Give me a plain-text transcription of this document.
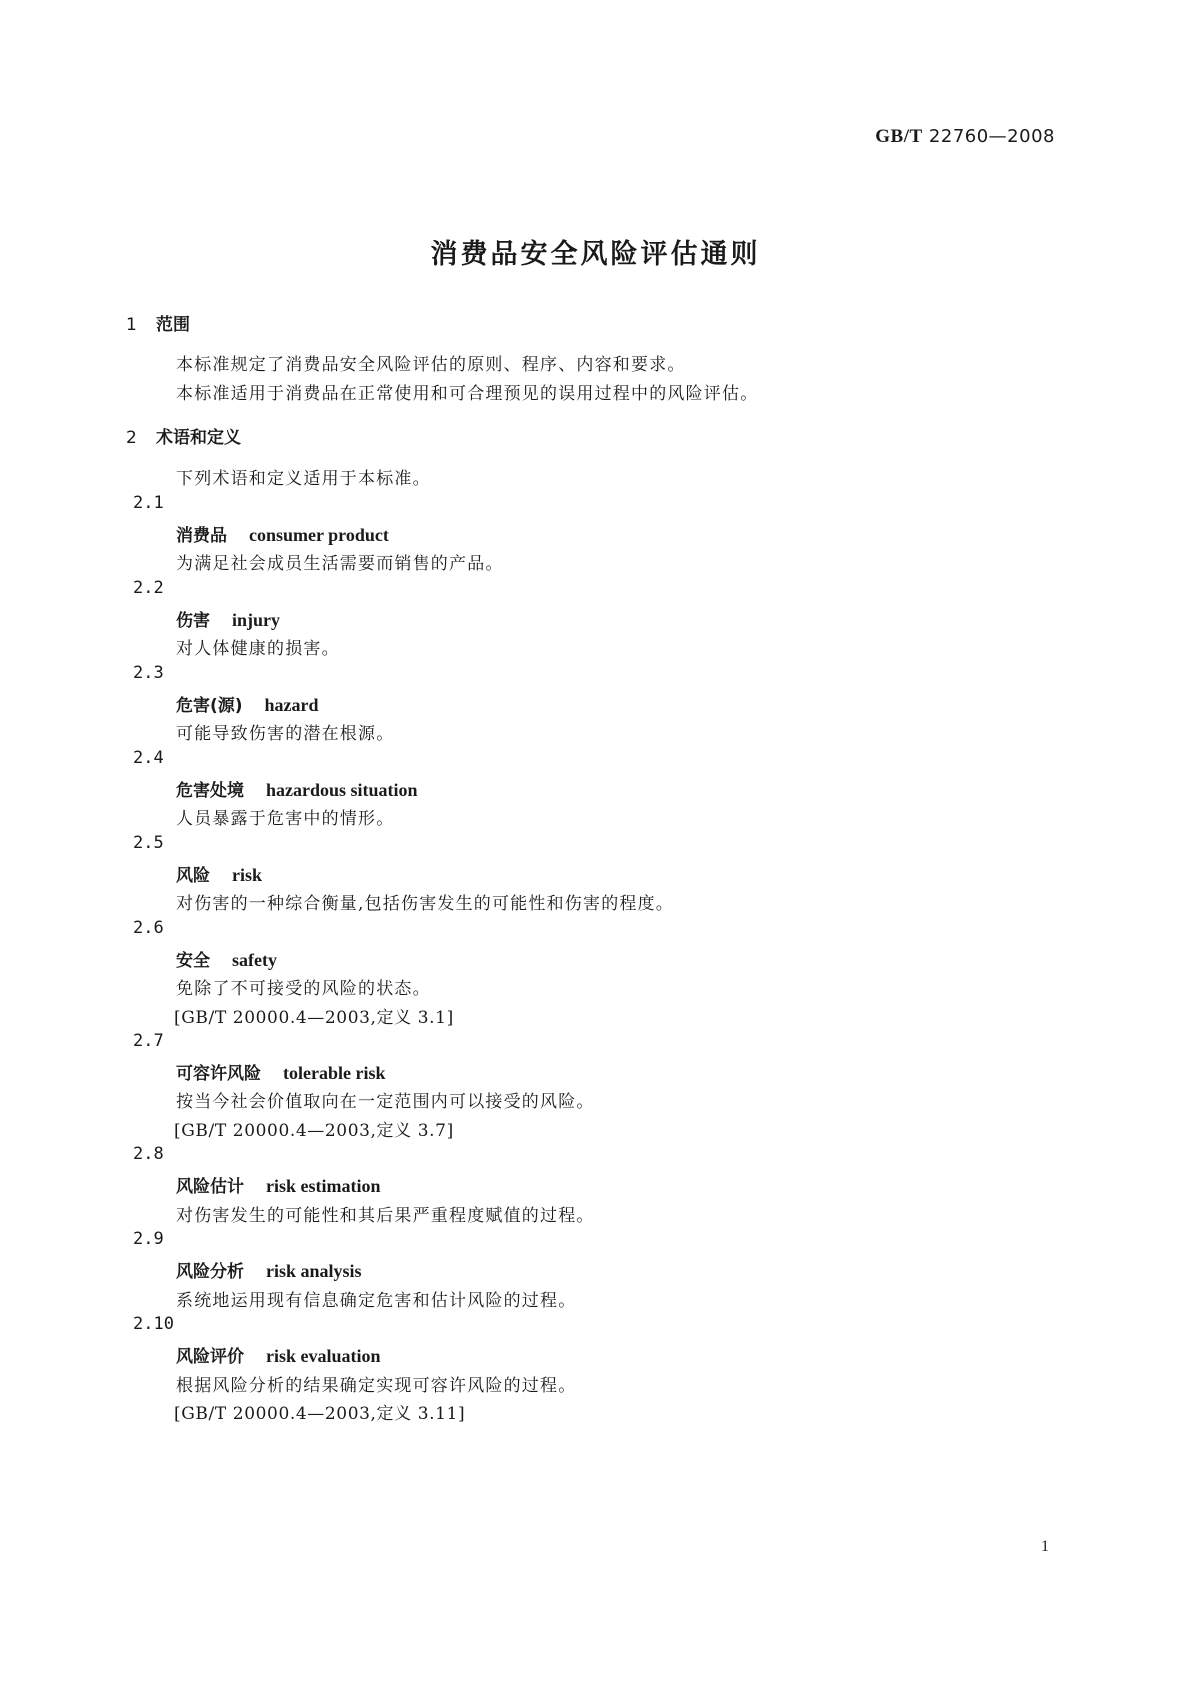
GB/T 22760—2008
消费品安全风险评估通则
1 范围
本标准规定了消费品安全风险评估的原则、程序、内容和要求。
本标准适用于消费品在正常使用和可合理预见的误用过程中的风险评估。
2 术语和定义
下列术语和定义适用于本标准。
2.1
消费品 consumer product
为满足社会成员生活需要而销售的产品。
2.2
伤害 injury
对人体健康的损害。
2.3
危害(源) hazard
可能导致伤害的潜在根源。
2.4
危害处境 hazardous situation
人员暴露于危害中的情形。
2.5
风险 risk
对伤害的一种综合衡量,包括伤害发生的可能性和伤害的程度。
2.6
安全 safety
免除了不可接受的风险的状态。
[GB/T 20000.4—2003,定义 3.1]
2.7
可容许风险 tolerable risk
按当今社会价值取向在一定范围内可以接受的风险。
[GB/T 20000.4—2003,定义 3.7]
2.8
风险估计 risk estimation
对伤害发生的可能性和其后果严重程度赋值的过程。
2.9
风险分析 risk analysis
系统地运用现有信息确定危害和估计风险的过程。
2.10
风险评价 risk evaluation
根据风险分析的结果确定实现可容许风险的过程。
[GB/T 20000.4—2003,定义 3.11]
1
